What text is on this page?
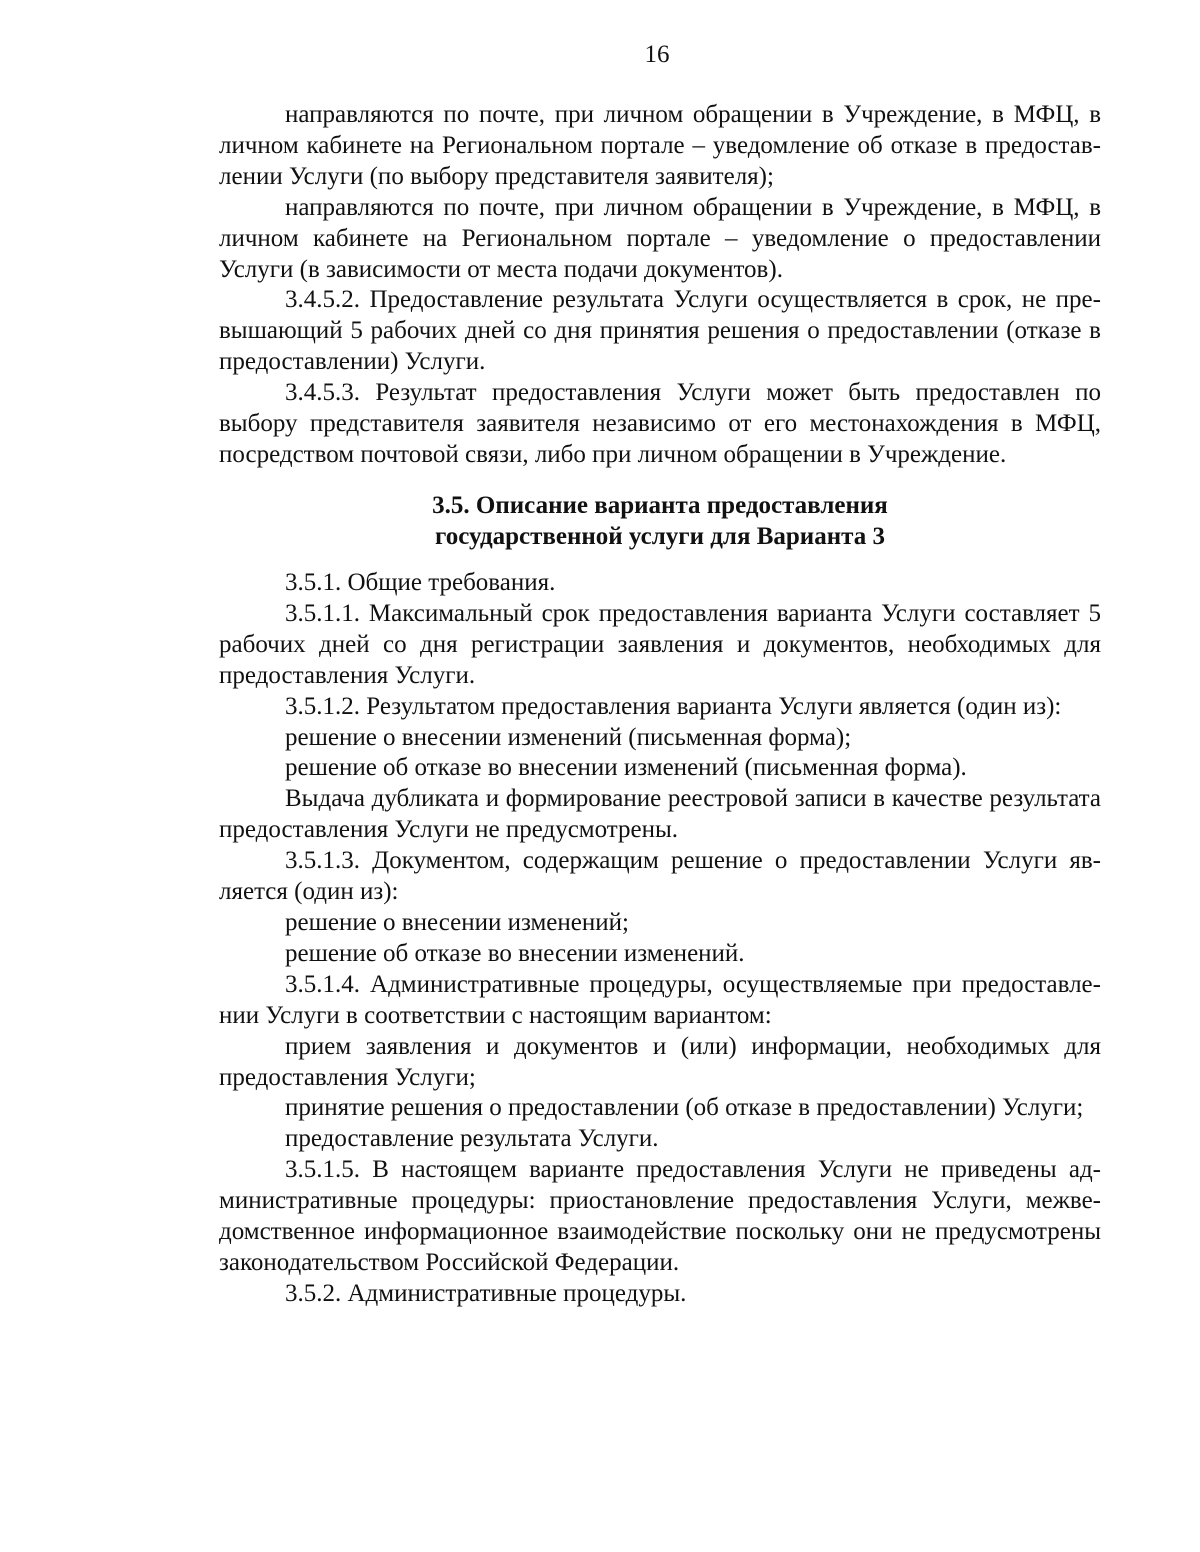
16

направляются по почте, при личном обращении в Учреждение, в МФЦ, в личном кабинете на Региональном портале – уведомление об отказе в предоставлении Услуги (по выбору представителя заявителя);

направляются по почте, при личном обращении в Учреждение, в МФЦ, в личном кабинете на Региональном портале – уведомление о предоставлении Услуги (в зависимости от места подачи документов).

3.4.5.2. Предоставление результата Услуги осуществляется в срок, не превышающий 5 рабочих дней со дня принятия решения о предоставлении (отказе в предоставлении) Услуги.

3.4.5.3. Результат предоставления Услуги может быть предоставлен по выбору представителя заявителя независимо от его местонахождения в МФЦ, посредством почтовой связи, либо при личном обращении в Учреждение.

3.5. Описание варианта предоставления
государственной услуги для Варианта 3

3.5.1. Общие требования.

3.5.1.1. Максимальный срок предоставления варианта Услуги составляет 5 рабочих дней со дня регистрации заявления и документов, необходимых для предоставления Услуги.

3.5.1.2. Результатом предоставления варианта Услуги является (один из):

решение о внесении изменений (письменная форма);

решение об отказе во внесении изменений (письменная форма).

Выдача дубликата и формирование реестровой записи в качестве результата предоставления Услуги не предусмотрены.

3.5.1.3. Документом, содержащим решение о предоставлении Услуги является (один из):

решение о внесении изменений;

решение об отказе во внесении изменений.

3.5.1.4. Административные процедуры, осуществляемые при предоставлении Услуги в соответствии с настоящим вариантом:

прием заявления и документов и (или) информации, необходимых для предоставления Услуги;

принятие решения о предоставлении (об отказе в предоставлении) Услуги;

предоставление результата Услуги.

3.5.1.5. В настоящем варианте предоставления Услуги не приведены административные процедуры: приостановление предоставления Услуги, межведомственное информационное взаимодействие поскольку они не предусмотрены законодательством Российской Федерации.

3.5.2. Административные процедуры.
